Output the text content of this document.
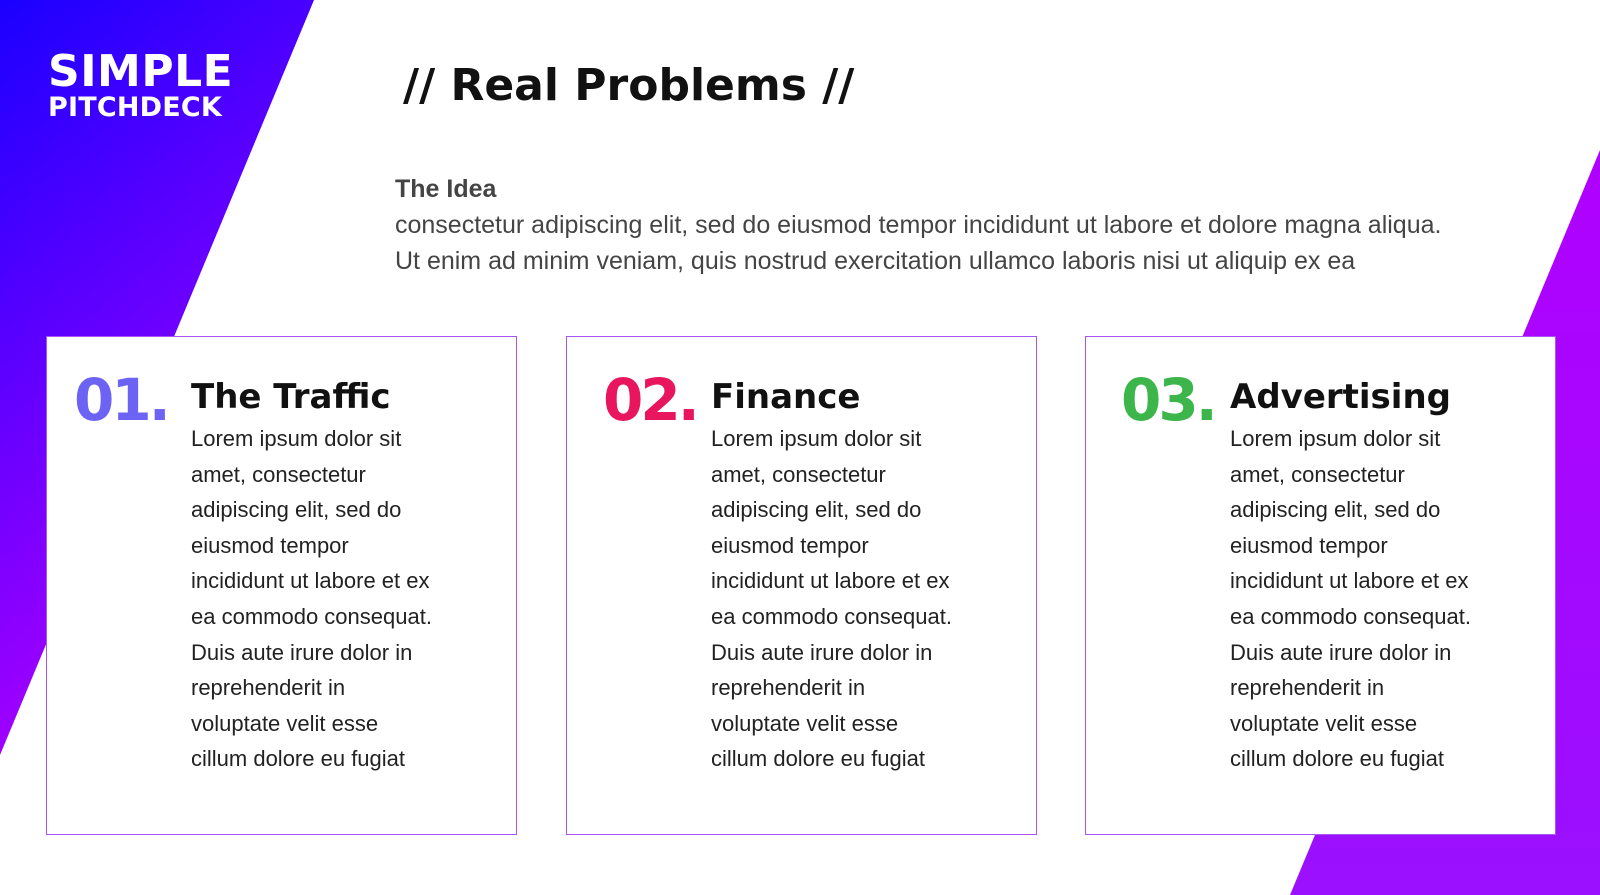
SIMPLE
PITCHDECK	// Real Problems //
The Idea
consectetur adipiscing elit, sed do eiusmod tempor incididunt ut labore et dolore magna aliqua.
Ut enim ad minim veniam, quis nostrud exercitation ullamco laboris nisi ut aliquip ex ea
01. The Traffic

Lorem ipsum dolor sit
amet, consectetur
adipiscing elit, sed do
eiusmod tempor
incididunt ut labore et ex
ea commodo consequat.
Duis aute irure dolor in
reprehenderit in
voluptate velit esse
cillum dolore eu fugiat

02. Finance

Lorem ipsum dolor sit
amet, consectetur
adipiscing elit, sed do
eiusmod tempor
incididunt ut labore et ex
ea commodo consequat.
Duis aute irure dolor in
reprehenderit in
voluptate velit esse
cillum dolore eu fugiat

03. Advertising

Lorem ipsum dolor sit
amet, consectetur
adipiscing elit, sed do
eiusmod tempor
incididunt ut labore et ex
ea commodo consequat.
Duis aute irure dolor in
reprehenderit in
voluptate velit esse
cillum dolore eu fugiat
